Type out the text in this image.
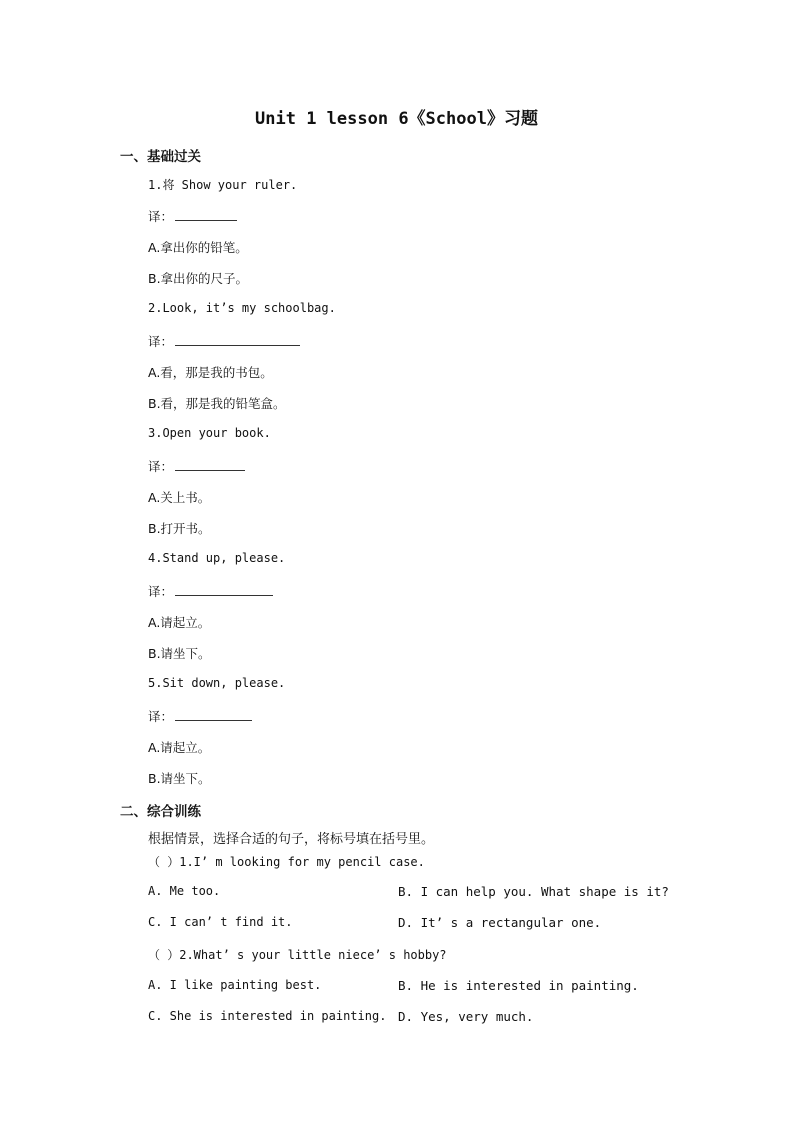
Unit 1 lesson 6《School》习题
一、基础过关
1.将 Show your ruler.
译：
A.拿出你的铅笔。
B.拿出你的尺子。
2.Look, it’s my schoolbag.
译：
A.看，那是我的书包。
B.看，那是我的铅笔盒。
3.Open your book.
译：
A.关上书。
B.打开书。
4.Stand up, please.
译：
A.请起立。
B.请坐下。
5.Sit down, please.
译：
A.请起立。
B.请坐下。
二、综合训练
根据情景，选择合适的句子，将标号填在括号里。
（ ）1.I’ m looking for my pencil case.
A. Me too.	B. I can help you. What shape is it?
C. I can’ t find it.	D. It’ s a rectangular one.
（ ）2.What’ s your little niece’ s hobby?
A. I like painting best.	B. He is interested in painting.
C. She is interested in painting. D. Yes, very much.
